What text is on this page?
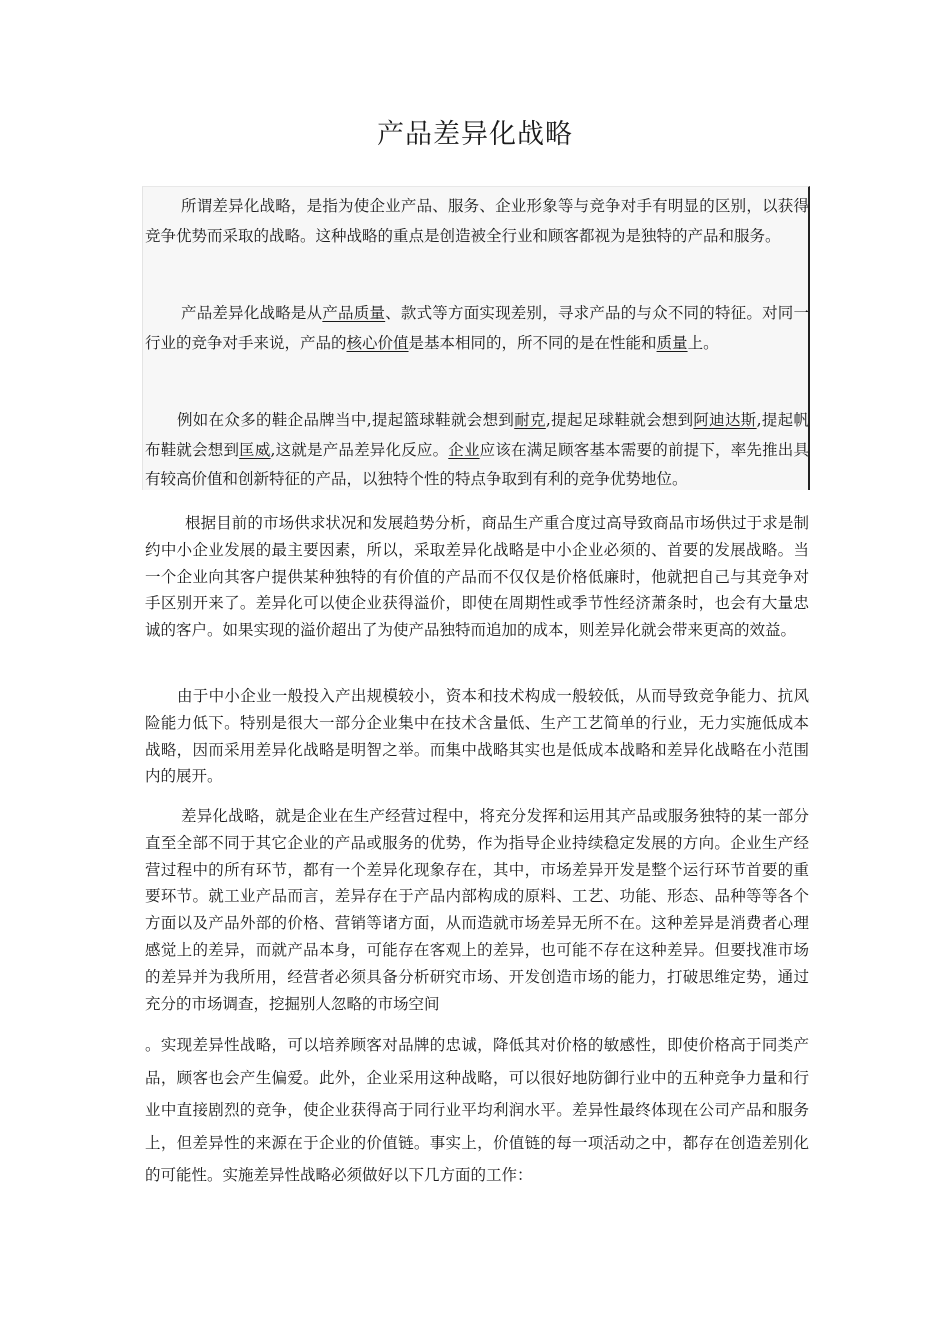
产品差异化战略

所谓差异化战略，是指为使企业产品、服务、企业形象等与竞争对手有明显的区别，以获得竞争优势而采取的战略。这种战略的重点是创造被全行业和顾客都视为是独特的产品和服务。

产品差异化战略是从产品质量、款式等方面实现差别，寻求产品的与众不同的特征。对同一行业的竞争对手来说，产品的核心价值是基本相同的，所不同的是在性能和质量上。

例如在众多的鞋企品牌当中,提起篮球鞋就会想到耐克,提起足球鞋就会想到阿迪达斯,提起帆布鞋就会想到匡威,这就是产品差异化反应。企业应该在满足顾客基本需要的前提下，率先推出具有较高价值和创新特征的产品，以独特个性的特点争取到有利的竞争优势地位。

根据目前的市场供求状况和发展趋势分析，商品生产重合度过高导致商品市场供过于求是制约中小企业发展的最主要因素，所以，采取差异化战略是中小企业必须的、首要的发展战略。当一个企业向其客户提供某种独特的有价值的产品而不仅仅是价格低廉时，他就把自己与其竞争对手区别开来了。差异化可以使企业获得溢价，即使在周期性或季节性经济萧条时，也会有大量忠诚的客户。如果实现的溢价超出了为使产品独特而追加的成本，则差异化就会带来更高的效益。

由于中小企业一般投入产出规模较小，资本和技术构成一般较低，从而导致竞争能力、抗风险能力低下。特别是很大一部分企业集中在技术含量低、生产工艺简单的行业，无力实施低成本战略，因而采用差异化战略是明智之举。而集中战略其实也是低成本战略和差异化战略在小范围内的展开。

差异化战略，就是企业在生产经营过程中，将充分发挥和运用其产品或服务独特的某一部分直至全部不同于其它企业的产品或服务的优势，作为指导企业持续稳定发展的方向。企业生产经营过程中的所有环节，都有一个差异化现象存在，其中，市场差异开发是整个运行环节首要的重要环节。就工业产品而言，差异存在于产品内部构成的原料、工艺、功能、形态、品种等等各个方面以及产品外部的价格、营销等诸方面，从而造就市场差异无所不在。这种差异是消费者心理感觉上的差异，而就产品本身，可能存在客观上的差异，也可能不存在这种差异。但要找准市场的差异并为我所用，经营者必须具备分析研究市场、开发创造市场的能力，打破思维定势，通过充分的市场调查，挖掘别人忽略的市场空间

。实现差异性战略，可以培养顾客对品牌的忠诚，降低其对价格的敏感性，即使价格高于同类产品，顾客也会产生偏爱。此外，企业采用这种战略，可以很好地防御行业中的五种竞争力量和行业中直接剧烈的竞争，使企业获得高于同行业平均利润水平。差异性最终体现在公司产品和服务上，但差异性的来源在于企业的价值链。事实上，价值链的每一项活动之中，都存在创造差别化的可能性。实施差异性战略必须做好以下几方面的工作：
